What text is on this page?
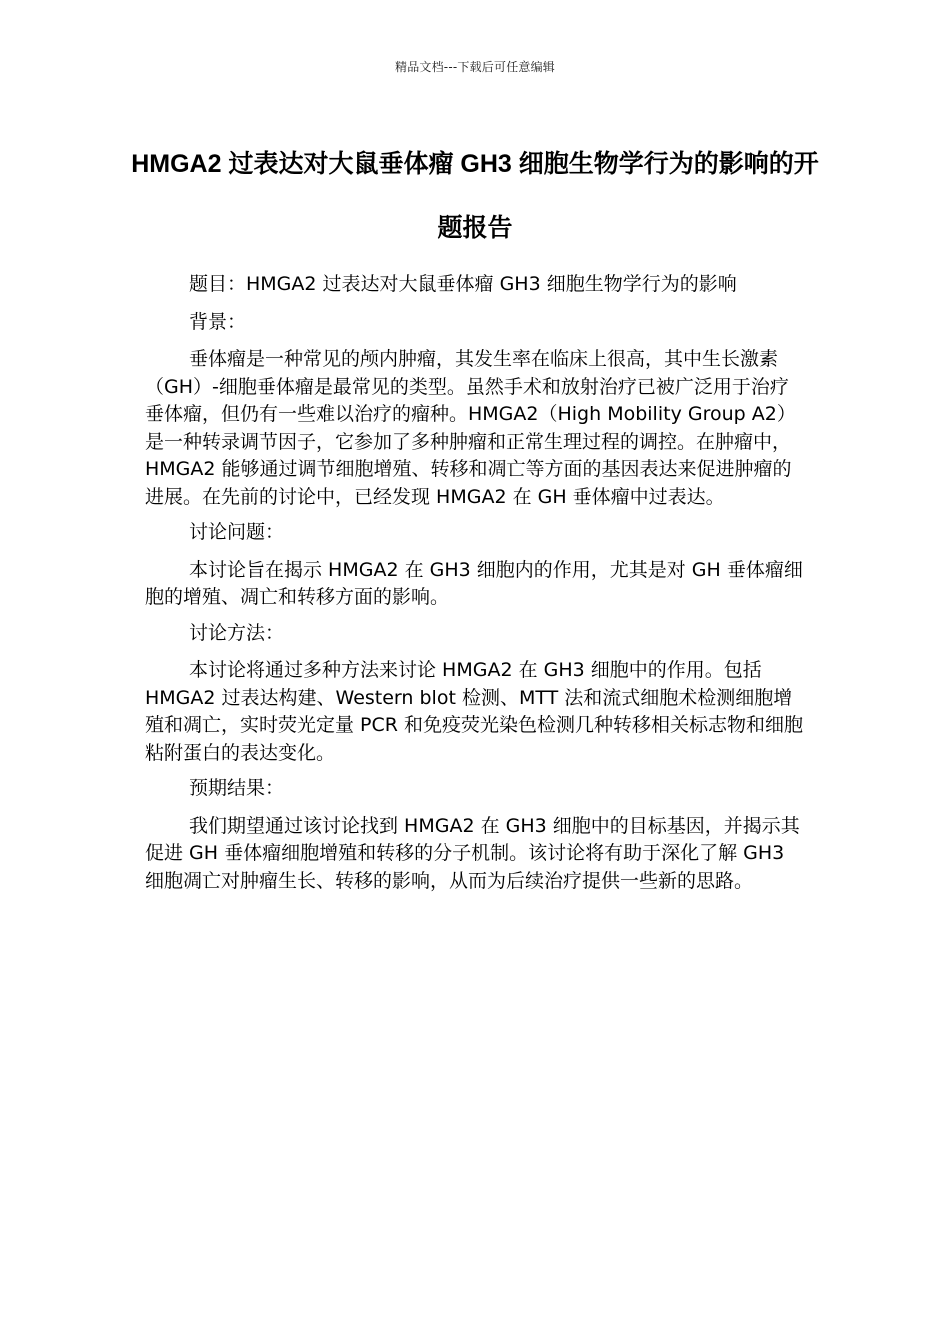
精品文档---下载后可任意编辑
HMGA2 过表达对大鼠垂体瘤 GH3 细胞生物学行为的影响的开题报告

题目：HMGA2 过表达对大鼠垂体瘤 GH3 细胞生物学行为的影响

背景：

垂体瘤是一种常见的颅内肿瘤，其发生率在临床上很高，其中生长激素（GH）-细胞垂体瘤是最常见的类型。虽然手术和放射治疗已被广泛用于治疗垂体瘤，但仍有一些难以治疗的瘤种。HMGA2（High Mobility Group A2）是一种转录调节因子，它参加了多种肿瘤和正常生理过程的调控。在肿瘤中，HMGA2 能够通过调节细胞增殖、转移和凋亡等方面的基因表达来促进肿瘤的进展。在先前的讨论中，已经发现 HMGA2 在 GH 垂体瘤中过表达。

讨论问题：

本讨论旨在揭示 HMGA2 在 GH3 细胞内的作用，尤其是对 GH 垂体瘤细胞的增殖、凋亡和转移方面的影响。

讨论方法：

本讨论将通过多种方法来讨论 HMGA2 在 GH3 细胞中的作用。包括 HMGA2 过表达构建、Western blot 检测、MTT 法和流式细胞术检测细胞增殖和凋亡，实时荧光定量 PCR 和免疫荧光染色检测几种转移相关标志物和细胞粘附蛋白的表达变化。

预期结果：

我们期望通过该讨论找到 HMGA2 在 GH3 细胞中的目标基因，并揭示其促进 GH 垂体瘤细胞增殖和转移的分子机制。该讨论将有助于深化了解 GH3 细胞凋亡对肿瘤生长、转移的影响，从而为后续治疗提供一些新的思路。
